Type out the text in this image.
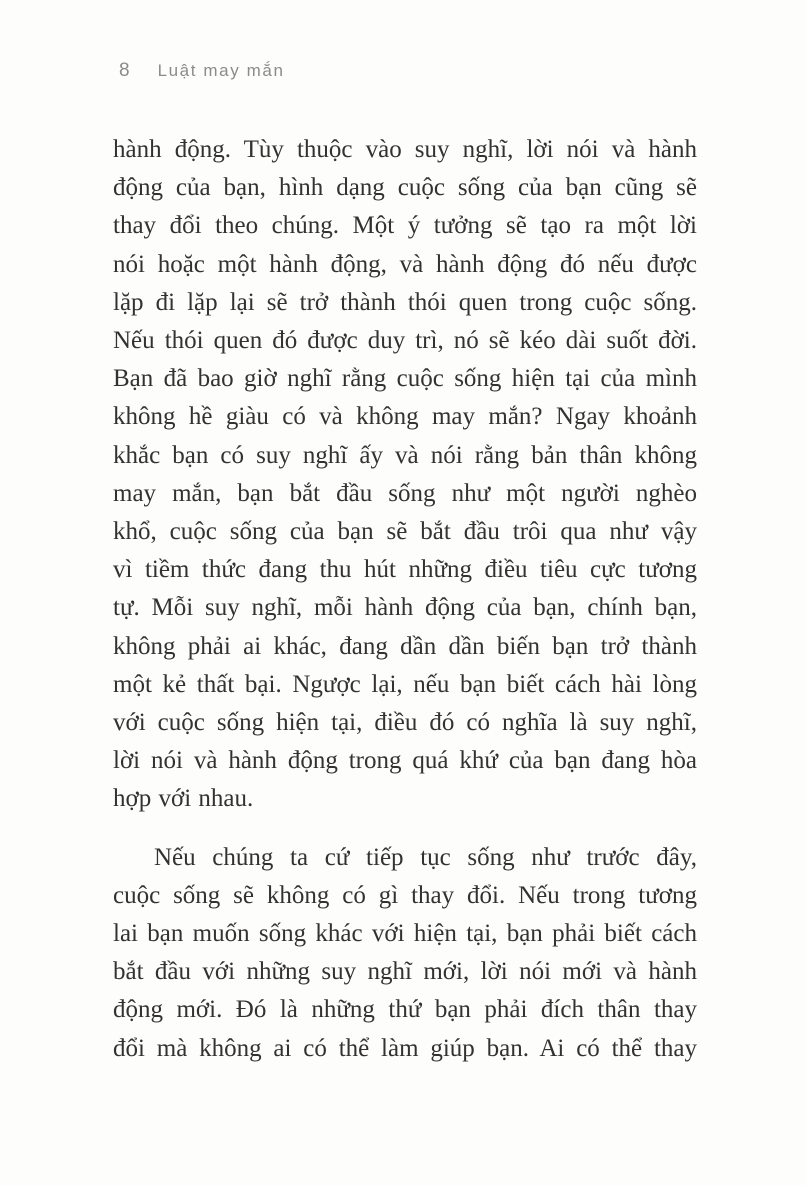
8 Luật may mắn
hành động. Tùy thuộc vào suy nghĩ, lời nói và hành
động của bạn, hình dạng cuộc sống của bạn cũng sẽ
thay đổi theo chúng. Một ý tưởng sẽ tạo ra một lời
nói hoặc một hành động, và hành động đó nếu được
lặp đi lặp lại sẽ trở thành thói quen trong cuộc sống.
Nếu thói quen đó được duy trì, nó sẽ kéo dài suốt đời.
Bạn đã bao giờ nghĩ rằng cuộc sống hiện tại của mình
không hề giàu có và không may mắn? Ngay khoảnh
khắc bạn có suy nghĩ ấy và nói rằng bản thân không
may mắn, bạn bắt đầu sống như một người nghèo
khổ, cuộc sống của bạn sẽ bắt đầu trôi qua như vậy
vì tiềm thức đang thu hút những điều tiêu cực tương
tự. Mỗi suy nghĩ, mỗi hành động của bạn, chính bạn,
không phải ai khác, đang dần dần biến bạn trở thành
một kẻ thất bại. Ngược lại, nếu bạn biết cách hài lòng
với cuộc sống hiện tại, điều đó có nghĩa là suy nghĩ,
lời nói và hành động trong quá khứ của bạn đang hòa
hợp với nhau.
Nếu chúng ta cứ tiếp tục sống như trước đây,
cuộc sống sẽ không có gì thay đổi. Nếu trong tương
lai bạn muốn sống khác với hiện tại, bạn phải biết cách
bắt đầu với những suy nghĩ mới, lời nói mới và hành
động mới. Đó là những thứ bạn phải đích thân thay
đổi mà không ai có thể làm giúp bạn. Ai có thể thay
